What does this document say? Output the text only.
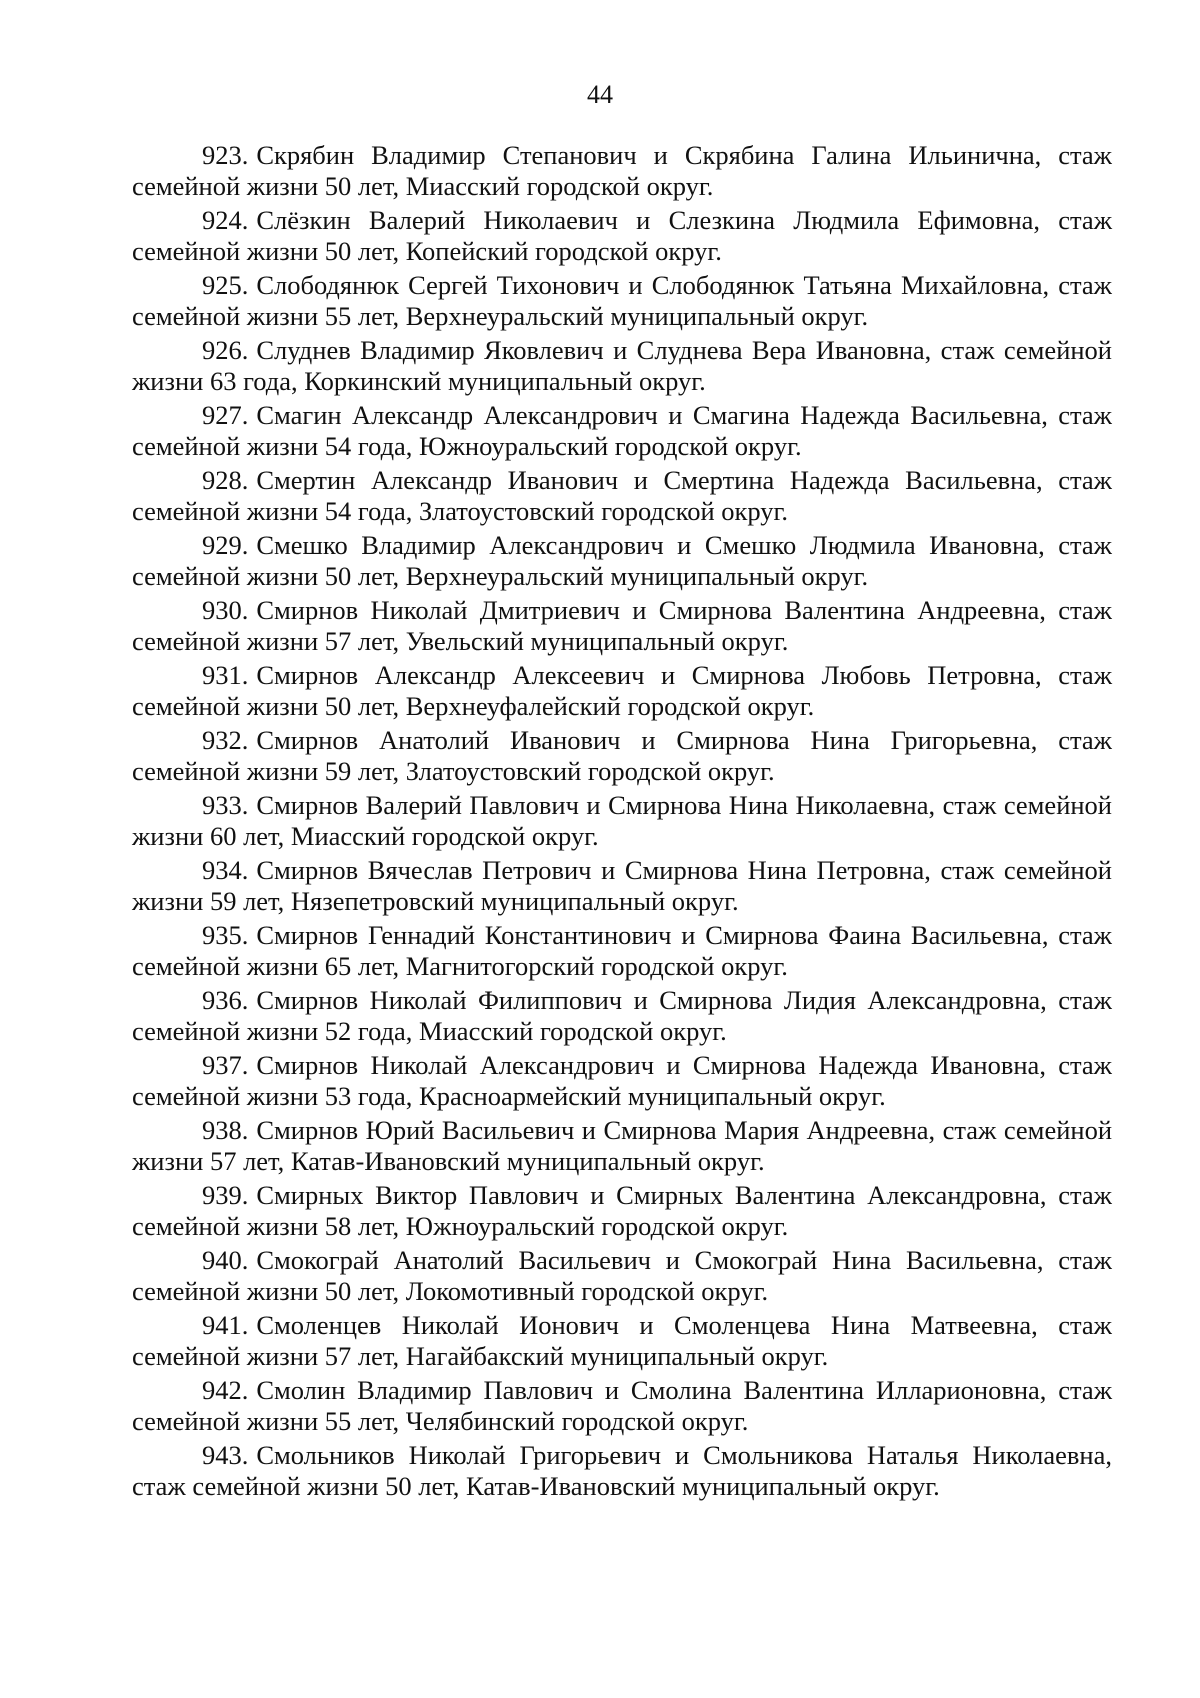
44

923. Скрябин Владимир Степанович и Скрябина Галина Ильинична, стаж семейной жизни 50 лет, Миасский городской округ.

924. Слёзкин Валерий Николаевич и Слезкина Людмила Ефимовна, стаж семейной жизни 50 лет, Копейский городской округ.

925. Слободянюк Сергей Тихонович и Слободянюк Татьяна Михайловна, стаж семейной жизни 55 лет, Верхнеуральский муниципальный округ.

926. Слуднев Владимир Яковлевич и Слуднева Вера Ивановна, стаж семейной жизни 63 года, Коркинский муниципальный округ.

927. Смагин Александр Александрович и Смагина Надежда Васильевна, стаж семейной жизни 54 года, Южноуральский городской округ.

928. Смертин Александр Иванович и Смертина Надежда Васильевна, стаж семейной жизни 54 года, Златоустовский городской округ.

929. Смешко Владимир Александрович и Смешко Людмила Ивановна, стаж семейной жизни 50 лет, Верхнеуральский муниципальный округ.

930. Смирнов Николай Дмитриевич и Смирнова Валентина Андреевна, стаж семейной жизни 57 лет, Увельский муниципальный округ.

931. Смирнов Александр Алексеевич и Смирнова Любовь Петровна, стаж семейной жизни 50 лет, Верхнеуфалейский городской округ.

932. Смирнов Анатолий Иванович и Смирнова Нина Григорьевна, стаж семейной жизни 59 лет, Златоустовский городской округ.

933. Смирнов Валерий Павлович и Смирнова Нина Николаевна, стаж семейной жизни 60 лет, Миасский городской округ.

934. Смирнов Вячеслав Петрович и Смирнова Нина Петровна, стаж семейной жизни 59 лет, Нязепетровский муниципальный округ.

935. Смирнов Геннадий Константинович и Смирнова Фаина Васильевна, стаж семейной жизни 65 лет, Магнитогорский городской округ.

936. Смирнов Николай Филиппович и Смирнова Лидия Александровна, стаж семейной жизни 52 года, Миасский городской округ.

937. Смирнов Николай Александрович и Смирнова Надежда Ивановна, стаж семейной жизни 53 года, Красноармейский муниципальный округ.

938. Смирнов Юрий Васильевич и Смирнова Мария Андреевна, стаж семейной жизни 57 лет, Катав-Ивановский муниципальный округ.

939. Смирных Виктор Павлович и Смирных Валентина Александровна, стаж семейной жизни 58 лет, Южноуральский городской округ.

940. Смокограй Анатолий Васильевич и Смокограй Нина Васильевна, стаж семейной жизни 50 лет, Локомотивный городской округ.

941. Смоленцев Николай Ионович и Смоленцева Нина Матвеевна, стаж семейной жизни 57 лет, Нагайбакский муниципальный округ.

942. Смолин Владимир Павлович и Смолина Валентина Илларионовна, стаж семейной жизни 55 лет, Челябинский городской округ.

943. Смольников Николай Григорьевич и Смольникова Наталья Николаевна, стаж семейной жизни 50 лет, Катав-Ивановский муниципальный округ.
